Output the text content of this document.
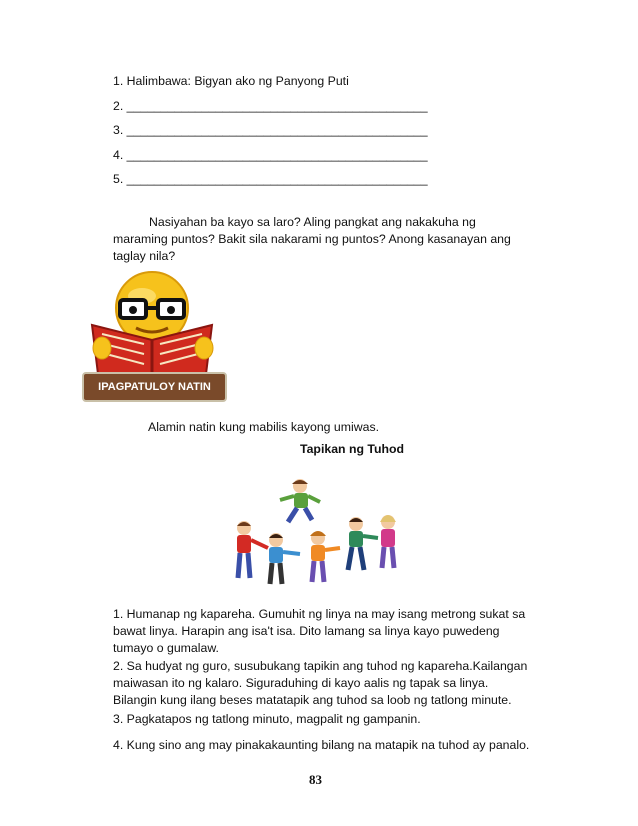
1. Halimbawa: Bigyan ako ng Panyong Puti
2. ____________________________________________
3. ____________________________________________
4. ____________________________________________
5. ____________________________________________
Nasiyahan ba kayo sa laro? Aling pangkat ang nakakuha ng maraming puntos? Bakit sila nakarami ng puntos? Anong kasanayan ang taglay nila?
IPAGPATULOY NATIN
Alamin natin kung mabilis kayong umiwas.
Tapikan ng Tuhod
1. Humanap ng kapareha. Gumuhit ng linya na may isang metrong sukat sa bawat linya. Harapin ang isa't isa. Dito lamang sa linya kayo puwedeng tumayo o gumalaw.
2. Sa hudyat ng guro, susubukang tapikin ang tuhod ng kapareha.Kailangan maiwasan ito ng kalaro. Siguraduhing di kayo aalis ng tapak sa linya. Bilangin kung ilang beses matatapik ang tuhod sa loob ng tatlong minute.
3. Pagkatapos ng tatlong minuto, magpalit ng gampanin.
4. Kung sino ang may pinakakaunting bilang na matapik na tuhod ay panalo.
83
